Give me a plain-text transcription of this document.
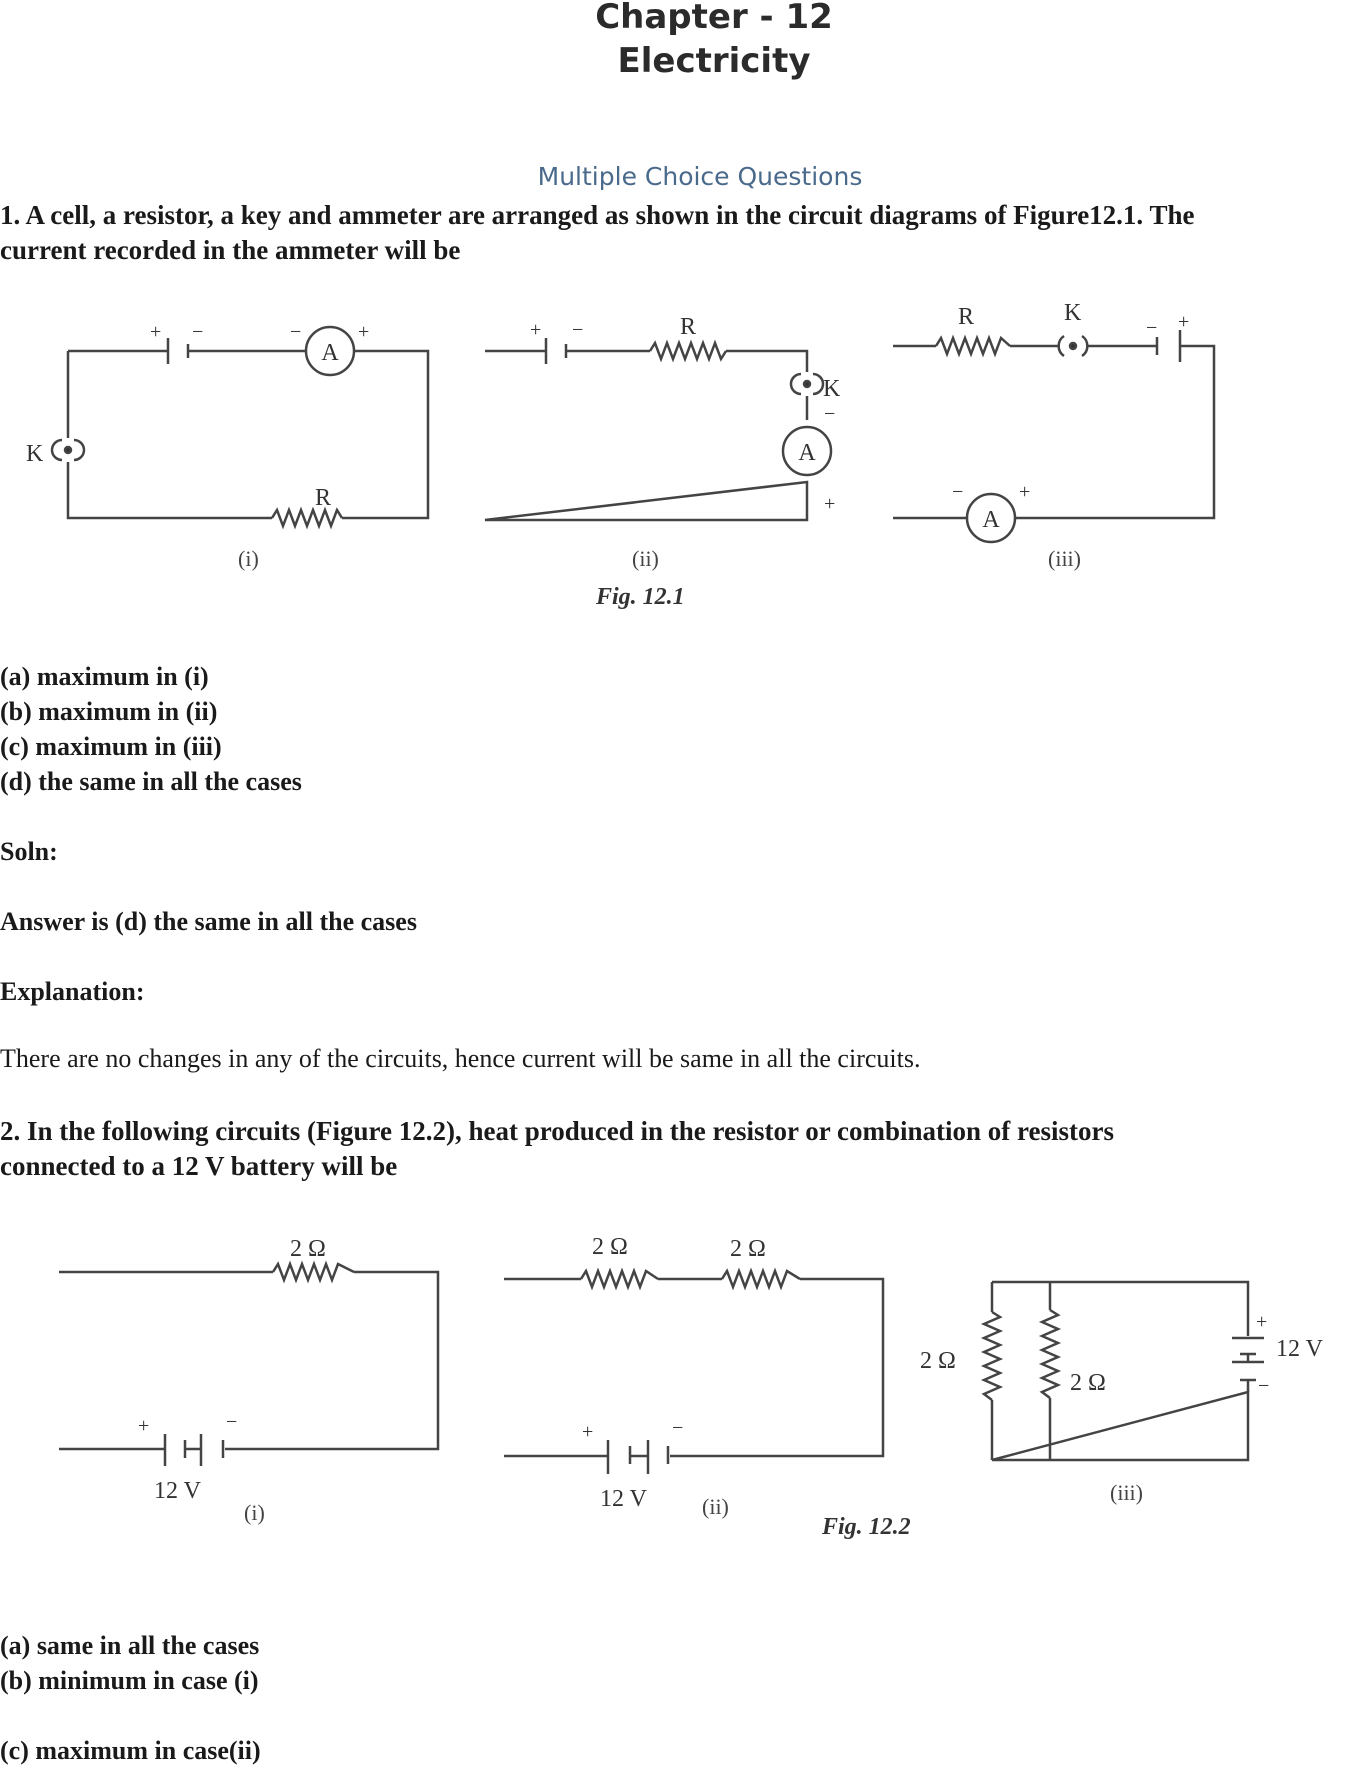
Chapter - 12
Electricity
Multiple Choice Questions
1. A cell, a resistor, a key and ammeter are arranged as shown in the circuit diagrams of Figure12.1. The
current recorded in the ammeter will be
A
R
K
+ −	−	+
A
R
K
+ −
−
+
A
R	K
− +
−	+
(i)	(ii)	(iii)
Fig. 12.1
(a) maximum in (i)
(b) maximum in (ii)
(c) maximum in (iii)
(d) the same in all the cases
Soln:
Answer is (d) the same in all the cases
Explanation:
There are no changes in any of the circuits, hence current will be same in all the circuits.
2. In the following circuits (Figure 12.2), heat produced in the resistor or combination of resistors
connected to a 12 V battery will be
2 Ω
12 V
+	−
2 Ω	2 Ω
12 V
+	−
2 Ω
2 Ω
12 V
+
−
(i)	(ii)
(iii)
Fig. 12.2
(a) same in all the cases
(b) minimum in case (i)
(c) maximum in case(ii)
